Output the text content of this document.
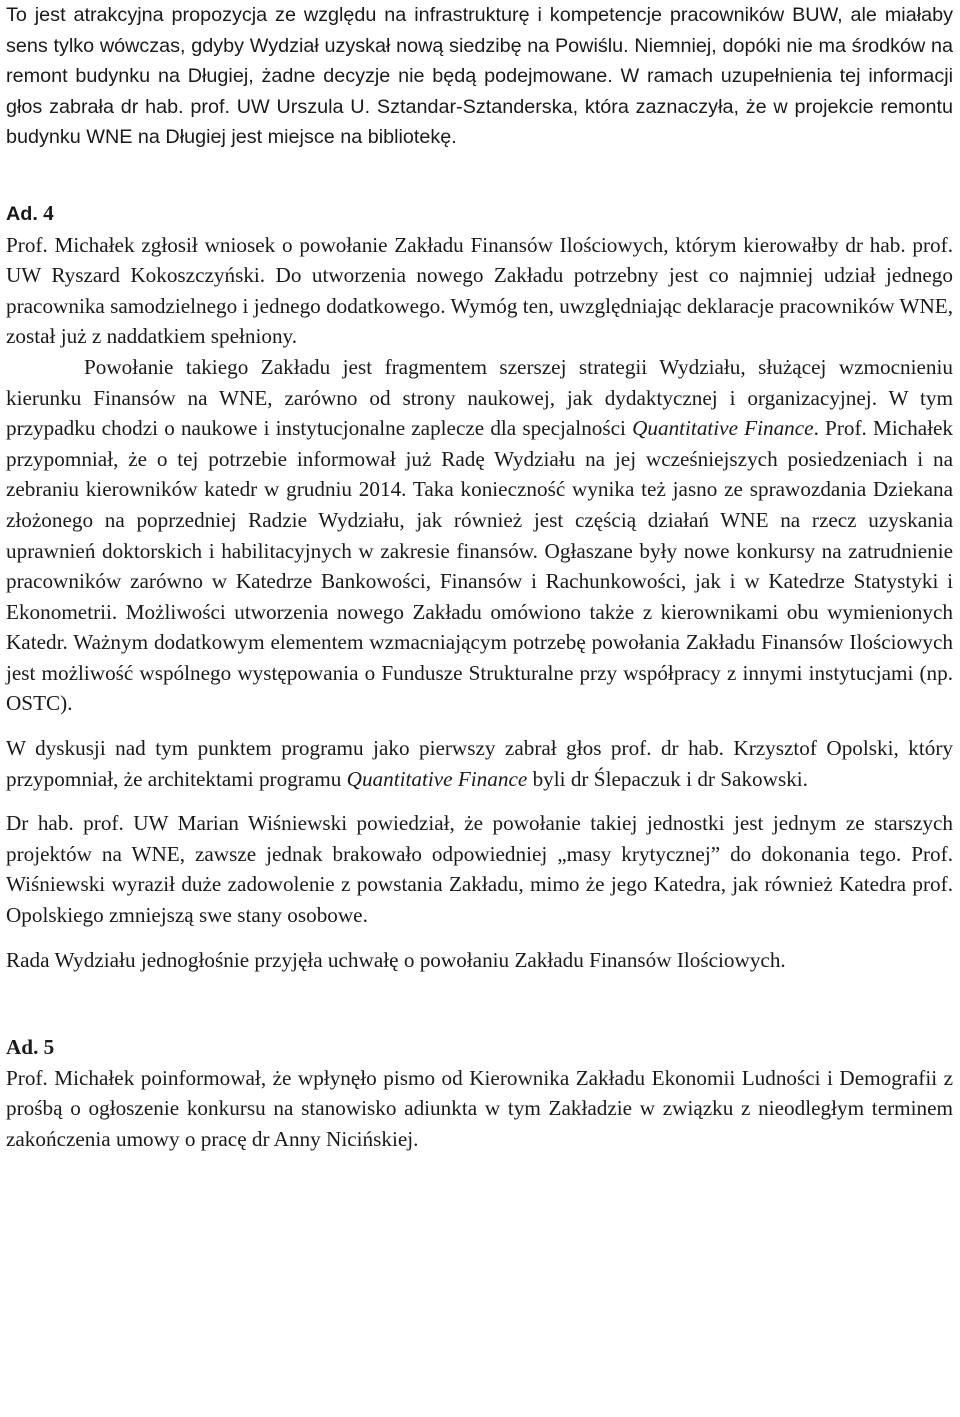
To jest atrakcyjna propozycja ze względu na infrastrukturę i kompetencje pracowników BUW, ale miałaby sens tylko wówczas, gdyby Wydział uzyskał nową siedzibę na Powiślu. Niemniej, dopóki nie ma środków na remont budynku na Długiej, żadne decyzje nie będą podejmowane. W ramach uzupełnienia tej informacji głos zabrała dr hab. prof. UW Urszula U. Sztandar-Sztanderska, która zaznaczyła, że w projekcie remontu budynku WNE na Długiej jest miejsce na bibliotekę.

Ad. 4

Prof. Michałek zgłosił wniosek o powołanie Zakładu Finansów Ilościowych, którym kierowałby dr hab. prof. UW Ryszard Kokoszczyński. Do utworzenia nowego Zakładu potrzebny jest co najmniej udział jednego pracownika samodzielnego i jednego dodatkowego. Wymóg ten, uwzględniając deklaracje pracowników WNE, został już z naddatkiem spełniony.

Powołanie takiego Zakładu jest fragmentem szerszej strategii Wydziału, służącej wzmocnieniu kierunku Finansów na WNE, zarówno od strony naukowej, jak dydaktycznej i organizacyjnej. W tym przypadku chodzi o naukowe i instytucjonalne zaplecze dla specjalności Quantitative Finance. Prof. Michałek przypomniał, że o tej potrzebie informował już Radę Wydziału na jej wcześniejszych posiedzeniach i na zebraniu kierowników katedr w grudniu 2014. Taka konieczność wynika też jasno ze sprawozdania Dziekana złożonego na poprzedniej Radzie Wydziału, jak również jest częścią działań WNE na rzecz uzyskania uprawnień doktorskich i habilitacyjnych w zakresie finansów. Ogłaszane były nowe konkursy na zatrudnienie pracowników zarówno w Katedrze Bankowości, Finansów i Rachunkowości, jak i w Katedrze Statystyki i Ekonometrii. Możliwości utworzenia nowego Zakładu omówiono także z kierownikami obu wymienionych Katedr. Ważnym dodatkowym elementem wzmacniającym potrzebę powołania Zakładu Finansów Ilościowych jest możliwość wspólnego występowania o Fundusze Strukturalne przy współpracy z innymi instytucjami (np. OSTC).

W dyskusji nad tym punktem programu jako pierwszy zabrał głos prof. dr hab. Krzysztof Opolski, który przypomniał, że architektami programu Quantitative Finance byli dr Ślepaczuk i dr Sakowski.

Dr hab. prof. UW Marian Wiśniewski powiedział, że powołanie takiej jednostki jest jednym ze starszych projektów na WNE, zawsze jednak brakowało odpowiedniej „masy krytycznej” do dokonania tego. Prof. Wiśniewski wyraził duże zadowolenie z powstania Zakładu, mimo że jego Katedra, jak również Katedra prof. Opolskiego zmniejszą swe stany osobowe.

Rada Wydziału jednogłośnie przyjęła uchwałę o powołaniu Zakładu Finansów Ilościowych.

Ad. 5

Prof. Michałek poinformował, że wpłynęło pismo od Kierownika Zakładu Ekonomii Ludności i Demografii z prośbą o ogłoszenie konkursu na stanowisko adiunkta w tym Zakładzie w związku z nieodległym terminem zakończenia umowy o pracę dr Anny Nicińskiej.
